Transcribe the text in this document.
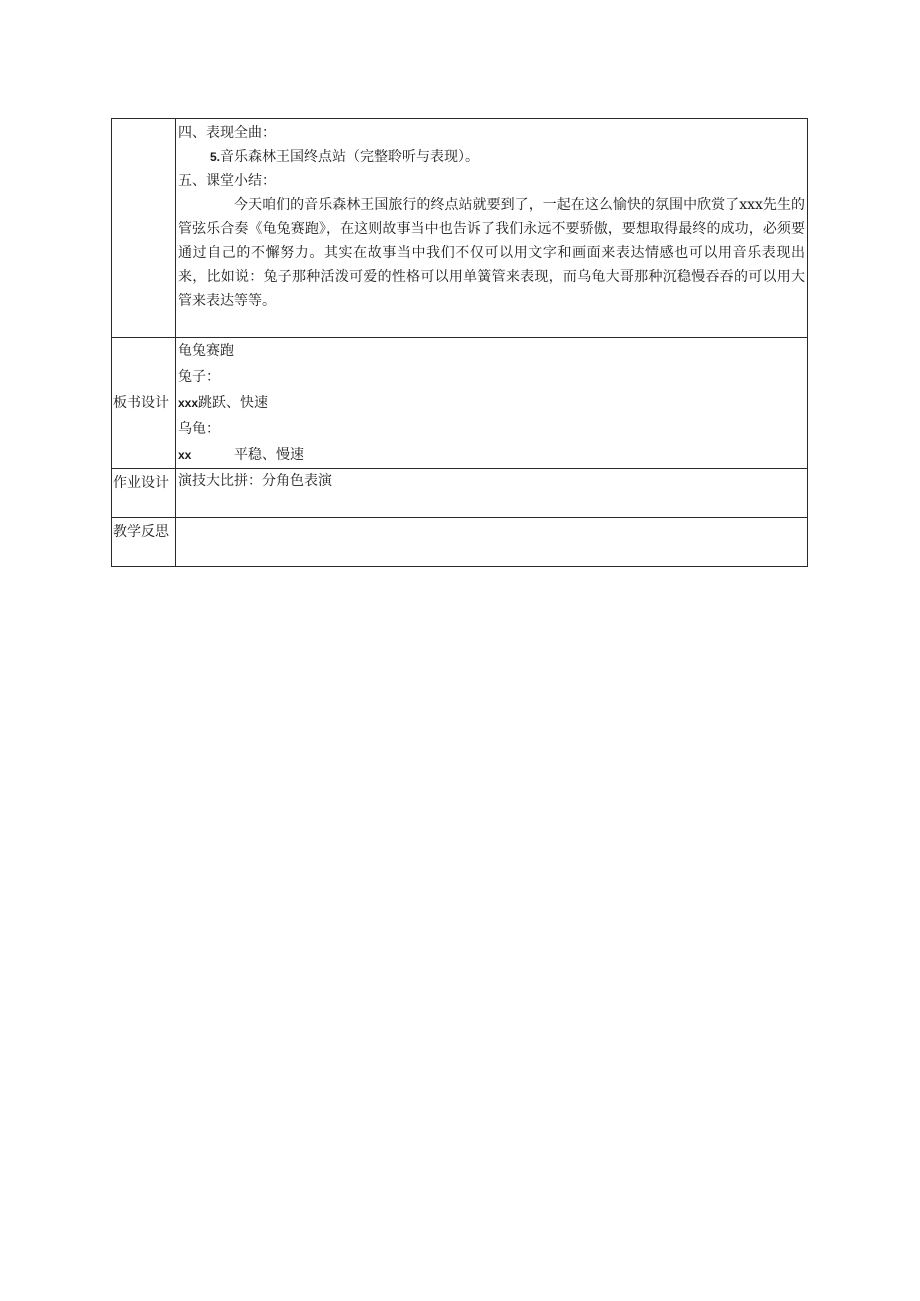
	四、表现全曲：
5.音乐森林王国终点站（完整聆听与表现）。
五、课堂小结：

今天咱们的音乐森林王国旅行的终点站就要到了，一起在这么愉快的氛围中欣赏了xxx先生的管弦乐合奏《龟兔赛跑》，在这则故事当中也告诉了我们永远不要骄傲，要想取得最终的成功，必须要通过自己的不懈努力。其实在故事当中我们不仅可以用文字和画面来表达情感也可以用音乐表现出来，比如说：兔子那种活泼可爱的性格可以用单簧管来表现，而乌龟大哥那种沉稳慢吞吞的可以用大管来表达等等。

板书设计	龟兔赛跑
兔子：
xxx跳跃、快速
乌龟：
xx 平稳、慢速

作业设计	演技大比拼：分角色表演

教学反思	
